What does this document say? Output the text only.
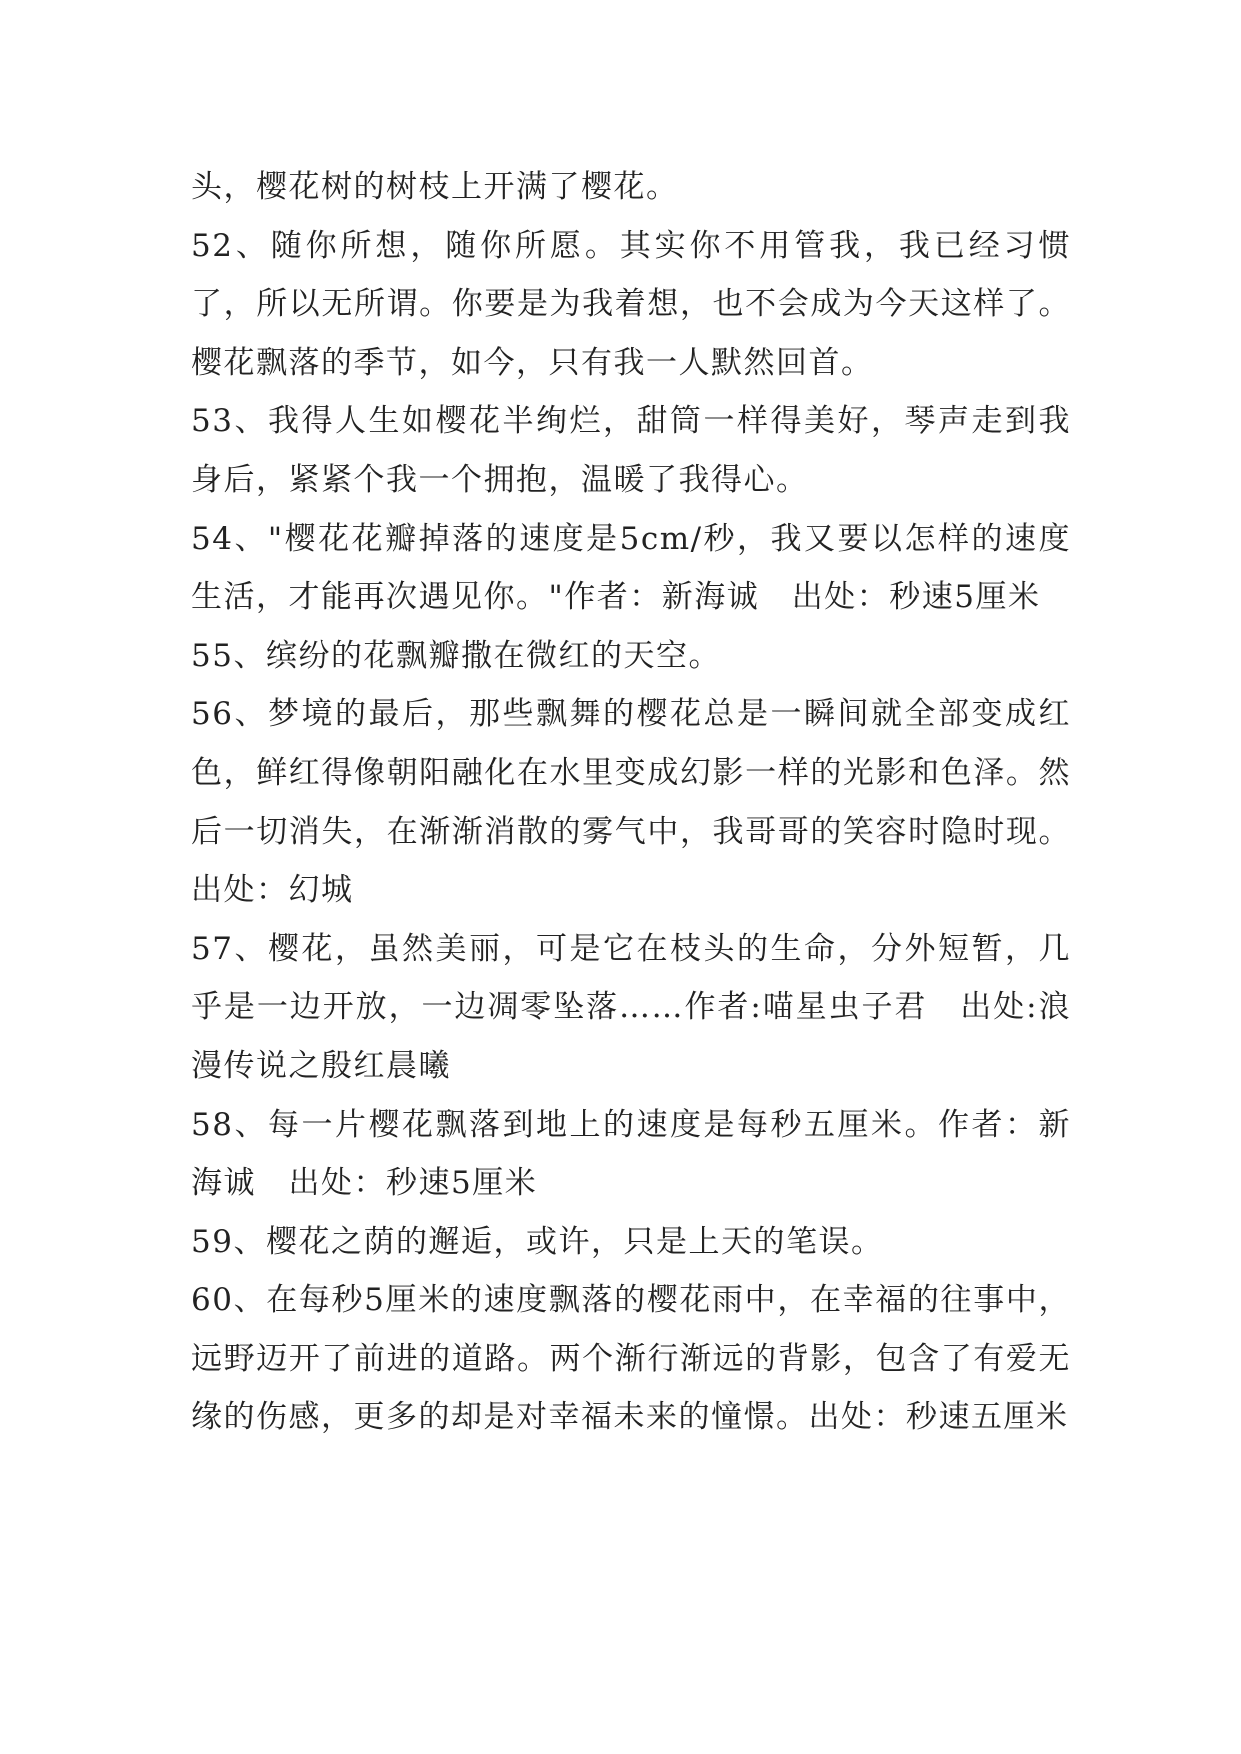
头，樱花树的树枝上开满了樱花。

52、随你所想，随你所愿。其实你不用管我，我已经习惯了，所以无所谓。你要是为我着想，也不会成为今天这样了。樱花飘落的季节，如今，只有我一人默然回首。

53、我得人生如樱花半绚烂，甜筒一样得美好，琴声走到我身后，紧紧个我一个拥抱，温暖了我得心。

54、"樱花花瓣掉落的速度是5cm/秒，我又要以怎样的速度生活，才能再次遇见你。"作者：新海诚　出处：秒速5厘米

55、缤纷的花飘瓣撒在微红的天空。

56、梦境的最后，那些飘舞的樱花总是一瞬间就全部变成红色，鲜红得像朝阳融化在水里变成幻影一样的光影和色泽。然后一切消失，在渐渐消散的雾气中，我哥哥的笑容时隐时现。出处：幻城

57、樱花，虽然美丽，可是它在枝头的生命，分外短暂，几乎是一边开放，一边凋零坠落……作者:喵星虫子君　出处:浪漫传说之殷红晨曦

58、每一片樱花飘落到地上的速度是每秒五厘米。作者：新海诚　出处：秒速5厘米

59、樱花之荫的邂逅，或许，只是上天的笔误。

60、在每秒5厘米的速度飘落的樱花雨中，在幸福的往事中，远野迈开了前进的道路。两个渐行渐远的背影，包含了有爱无缘的伤感，更多的却是对幸福未来的憧憬。出处：秒速五厘米
